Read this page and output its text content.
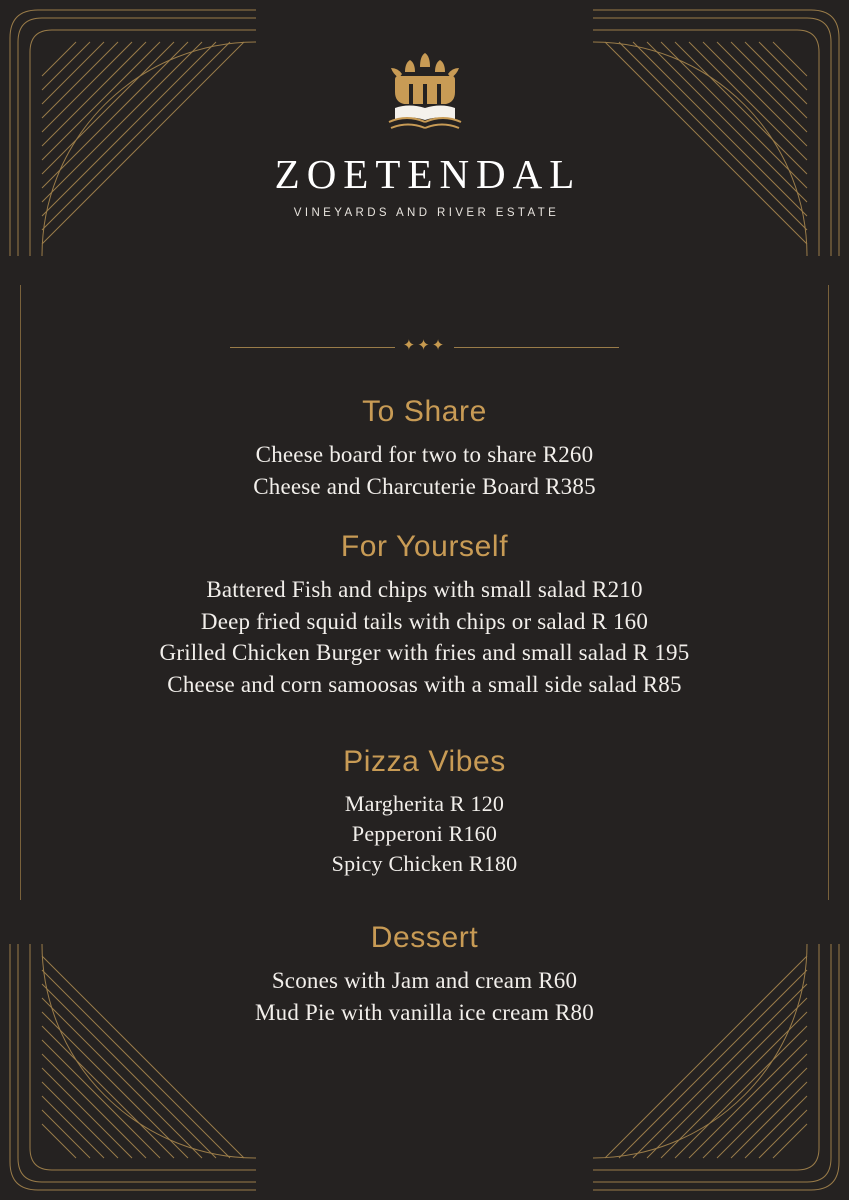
ZOETENDAL
VINEYARDS AND RIVER ESTATE
✦✦✦
To Share
Cheese board for two to share R260
Cheese and Charcuterie Board R385
For Yourself
Battered Fish and chips with small salad R210
Deep fried squid tails with chips or salad R 160
Grilled Chicken Burger with fries and small salad R 195
Cheese and corn samoosas with a small side salad R85
Pizza Vibes
Margherita R 120
Pepperoni R160
Spicy Chicken R180
Dessert
Scones with Jam and cream R60
Mud Pie with vanilla ice cream R80
